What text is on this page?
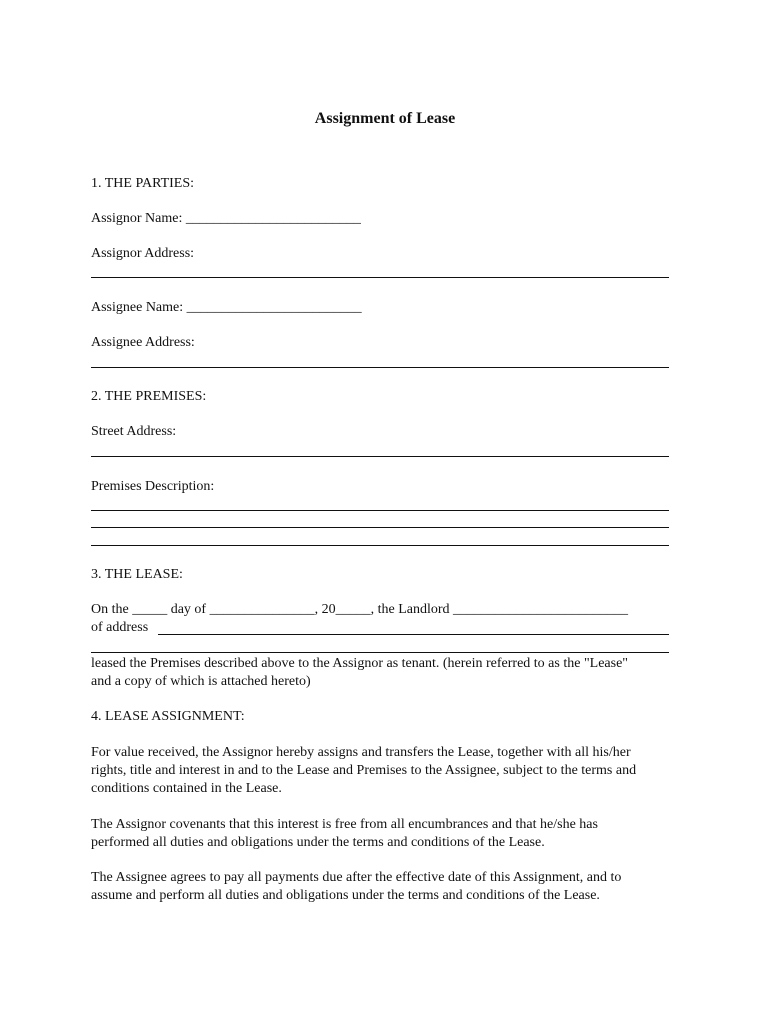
Assignment of Lease
1. THE PARTIES:
Assignor Name: _________________________
Assignor Address:
Assignee Name: _________________________
Assignee Address:
2. THE PREMISES:
Street Address:
Premises Description:
3. THE LEASE:
On the _____ day of _______________, 20_____, the Landlord _________________________
of address
leased the Premises described above to the Assignor as tenant. (herein referred to as the "Lease"
and a copy of which is attached hereto)
4. LEASE ASSIGNMENT:
For value received, the Assignor hereby assigns and transfers the Lease, together with all his/her
rights, title and interest in and to the Lease and Premises to the Assignee, subject to the terms and
conditions contained in the Lease.
The Assignor covenants that this interest is free from all encumbrances and that he/she has
performed all duties and obligations under the terms and conditions of the Lease.
The Assignee agrees to pay all payments due after the effective date of this Assignment, and to
assume and perform all duties and obligations under the terms and conditions of the Lease.
